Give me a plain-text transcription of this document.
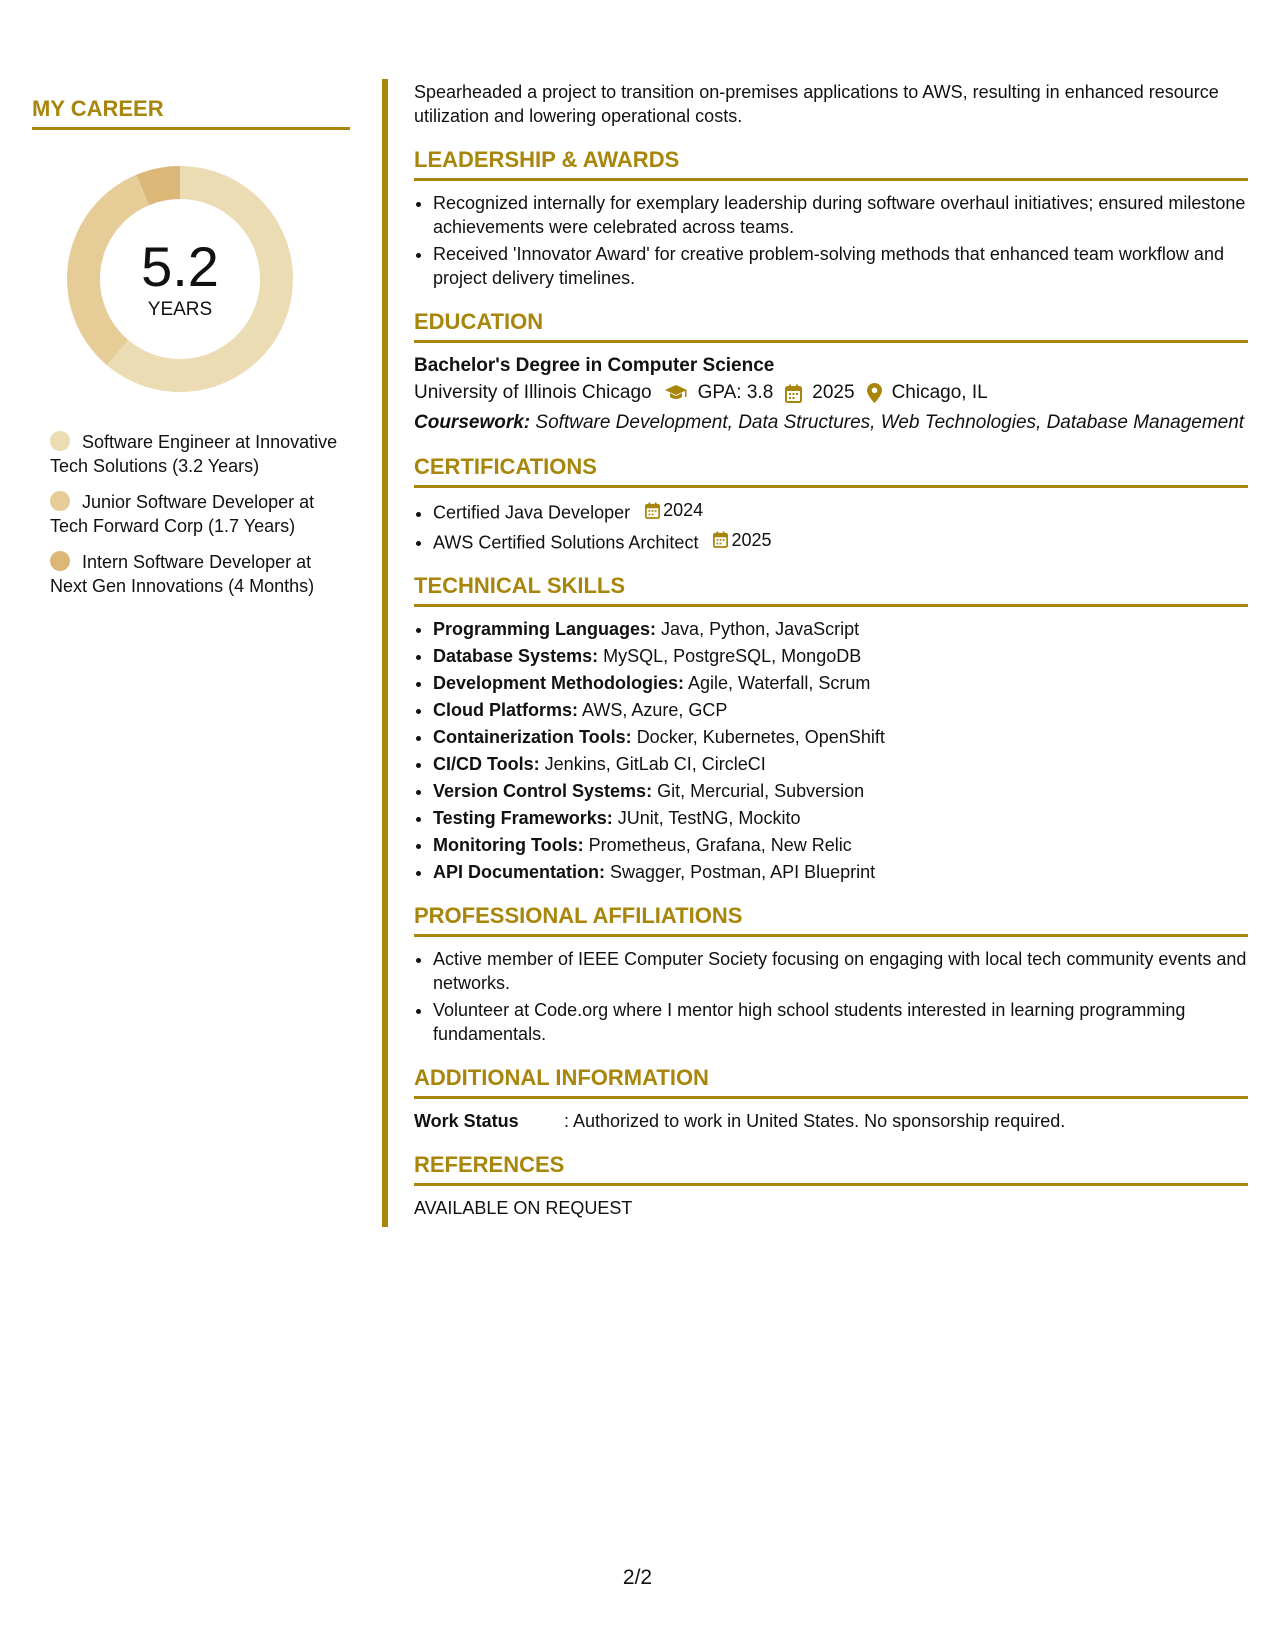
MY CAREER
5.2
YEARS
Software Engineer at Innovative Tech Solutions (3.2 Years)
Junior Software Developer at Tech Forward Corp (1.7 Years)
Intern Software Developer at Next Gen Innovations (4 Months)

Spearheaded a project to transition on-premises applications to AWS, resulting in enhanced resource utilization and lowering operational costs.

LEADERSHIP & AWARDS
• Recognized internally for exemplary leadership during software overhaul initiatives; ensured milestone achievements were celebrated across teams.
• Received 'Innovator Award' for creative problem-solving methods that enhanced team workflow and project delivery timelines.
EDUCATION
Bachelor's Degree in Computer Science
University of Illinois Chicago GPA: 3.8 2025 Chicago, IL
Coursework: Software Development, Data Structures, Web Technologies, Database Management
CERTIFICATIONS
• Certified Java Developer 2024
• AWS Certified Solutions Architect 2025
TECHNICAL SKILLS
• Programming Languages: Java, Python, JavaScript
• Database Systems: MySQL, PostgreSQL, MongoDB
• Development Methodologies: Agile, Waterfall, Scrum
• Cloud Platforms: AWS, Azure, GCP
• Containerization Tools: Docker, Kubernetes, OpenShift
• CI/CD Tools: Jenkins, GitLab CI, CircleCI
• Version Control Systems: Git, Mercurial, Subversion
• Testing Frameworks: JUnit, TestNG, Mockito
• Monitoring Tools: Prometheus, Grafana, New Relic
• API Documentation: Swagger, Postman, API Blueprint
PROFESSIONAL AFFILIATIONS
• Active member of IEEE Computer Society focusing on engaging with local tech community events and networks.
• Volunteer at Code.org where I mentor high school students interested in learning programming fundamentals.
ADDITIONAL INFORMATION
Work Status	: Authorized to work in United States. No sponsorship required.
REFERENCES

AVAILABLE ON REQUEST

2/2
